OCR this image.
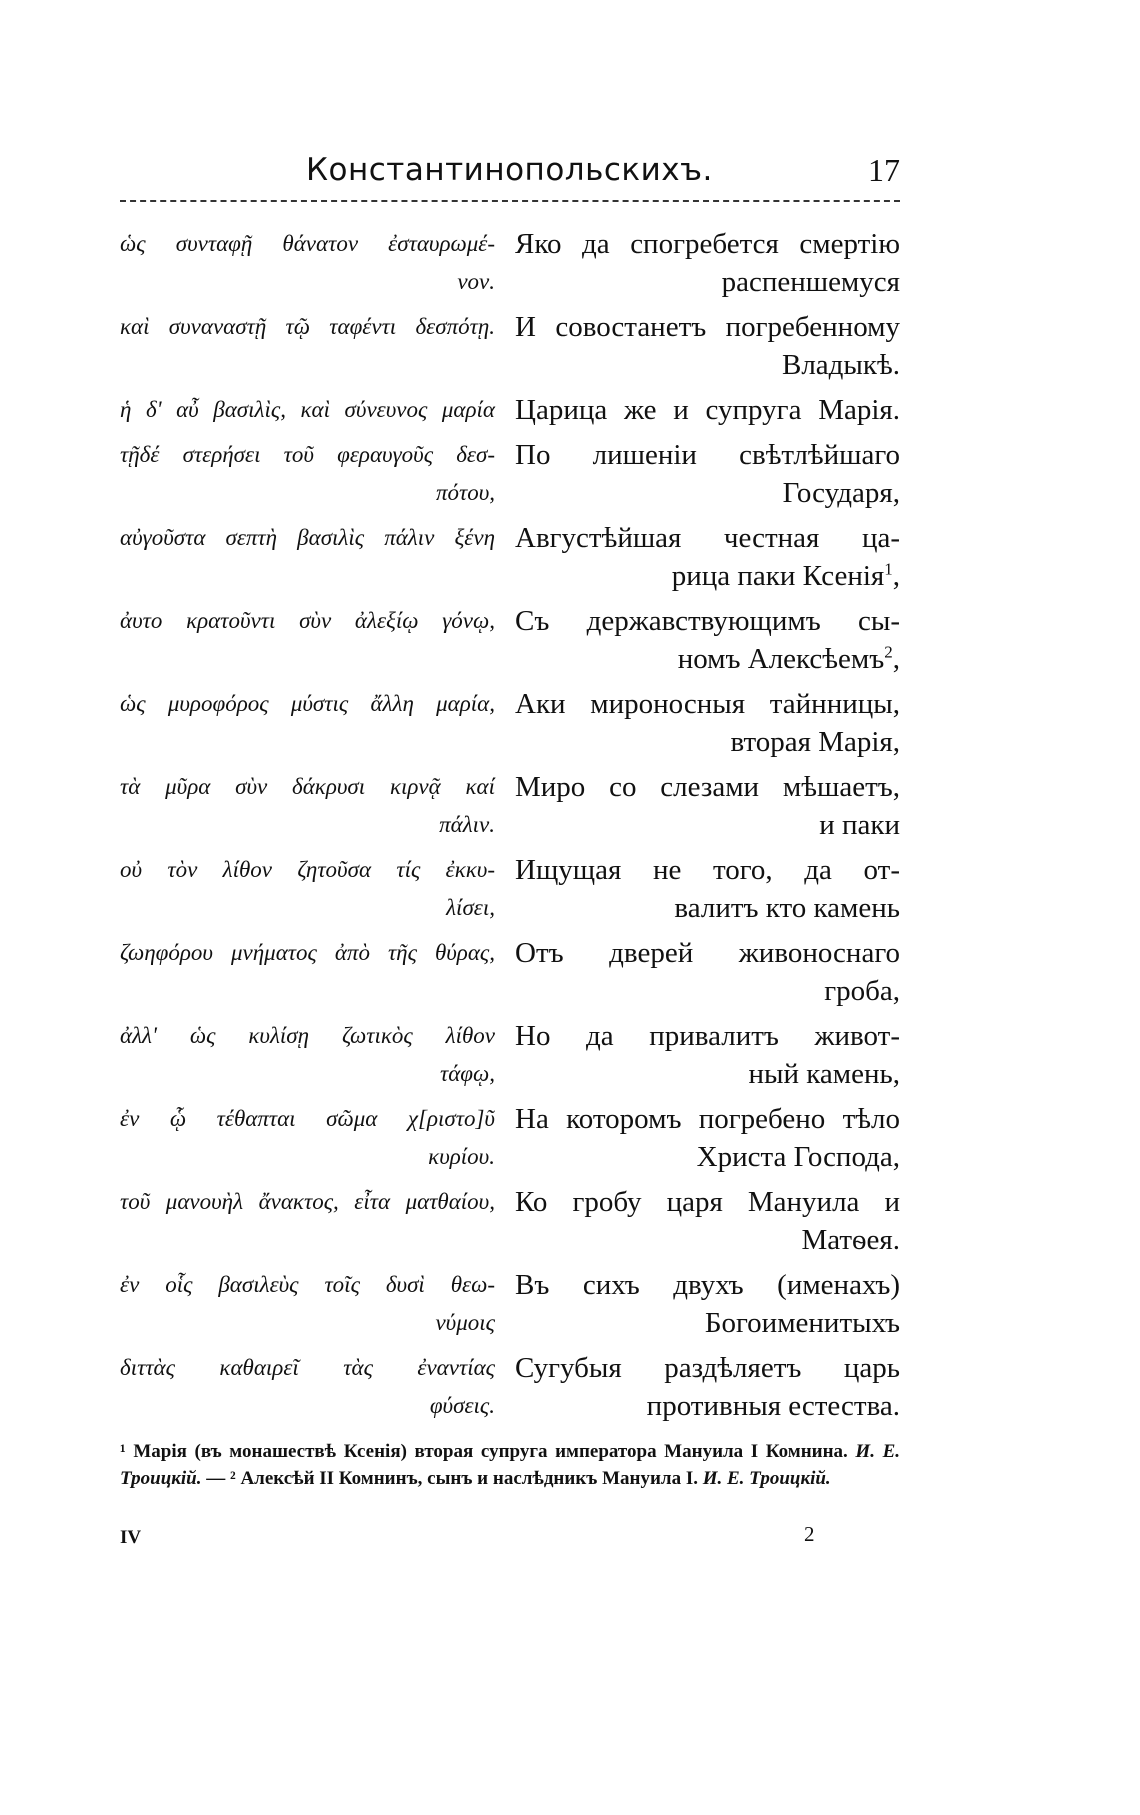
Константинопольскихъ.	17
ὡς συνταφῇ θάνατον ἐσταυρωμέ-
νον.
Яко да спогребется смертію
распеншемуся
καὶ συναναστῇ τῷ ταφέντι δεσπότῃ. И совостанетъ погребенному
Владыкѣ.
ἡ δ' αὖ βασιλὶς, καὶ σύνευνος μαρία Царица же и супруга Марія.
τῇδέ στερήσει τοῦ φεραυγοῦς δεσ-
πότου,
По лишеніи свѣтлѣйшаго
Государя,
αὐγοῦστα σεπτὴ βασιλὶς πάλιν ξένη Августѣйшая честная ца-
рица паки Ксенія$^1$,
ἀυτο κρατοῦντι σὺν ἀλεξίῳ γόνῳ, Съ державствующимъ сы-
номъ Алексѣемъ$^2$,
ὡς μυροφόρος μύστις ἄλλη μαρία, Аки мироносныя тайнницы,
вторая Марія,
τὰ μῦρα σὺν δάκρυσι κιρνᾷ καί
πάλιν.
Миро со слезами мѣшаетъ,
и паки
οὐ τὸν λίθον ζητοῦσα τίς ἐκκυ-
λίσει,
Ищущая не того, да от-
валитъ кто камень
ζωηφόρου μνήματος ἀπὸ τῆς θύρας, Отъ дверей живоноснаго
гроба,
ἀλλ' ὡς κυλίσῃ ζωτικὸς λίθον
τάφῳ,
Но да привалитъ живот-
ный камень,
ἐν ᾧ τέθαπται σῶμα χ[ριστο]ῦ
κυρίου.
На которомъ погребено тѣло
Христа Господа,
τοῦ μανουὴλ ἄνακτος, εἶτα ματθαίου, Ко гробу царя Мануила и
Матѳея.
ἐν οἷς βασιλεὺς τοῖς δυσὶ θεω-
νύμοις
Въ сихъ двухъ (именахъ)
Богоименитыхъ
διττὰς καθαιρεῖ τὰς ἐναντίας
φύσεις.
Сугубыя раздѣляетъ царь
противныя естества.
¹ Марія (въ монашествѣ Ксенія) вторая супруга императора Мануила I Комнина. И. Е. Троицкій. — ² Алексѣй II Комнинъ, сынъ и наслѣдникъ Мануила I. И. Е. Троицкій.
IV	2
